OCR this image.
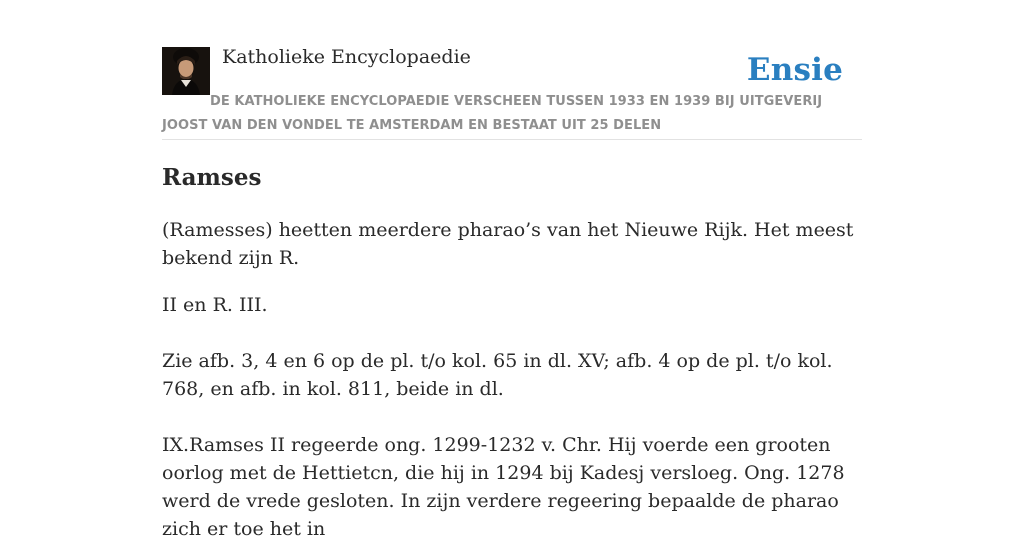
Katholieke Encyclopaedie	Ensie
DE KATHOLIEKE ENCYCLOPAEDIE VERSCHEEN TUSSEN 1933 EN 1939 BIJ UITGEVERIJ JOOST VAN DEN VONDEL TE AMSTERDAM EN BESTAAT UIT 25 DELEN
Ramses

(Ramesses) heetten meerdere pharao’s van het Nieuwe Rijk. Het meest bekend zijn R.

II en R. III.

Zie afb. 3, 4 en 6 op de pl. t/o kol. 65 in dl. XV; afb. 4 op de pl. t/o kol. 768, en afb. in kol. 811, beide in dl.

IX.Ramses II regeerde ong. 1299-1232 v. Chr. Hij voerde een grooten oorlog met de Hettietcn, die hij in 1294 bij Kadesj versloeg. Ong. 1278 werd de vrede gesloten. In zijn verdere regeering bepaalde de pharao zich er toe het in
